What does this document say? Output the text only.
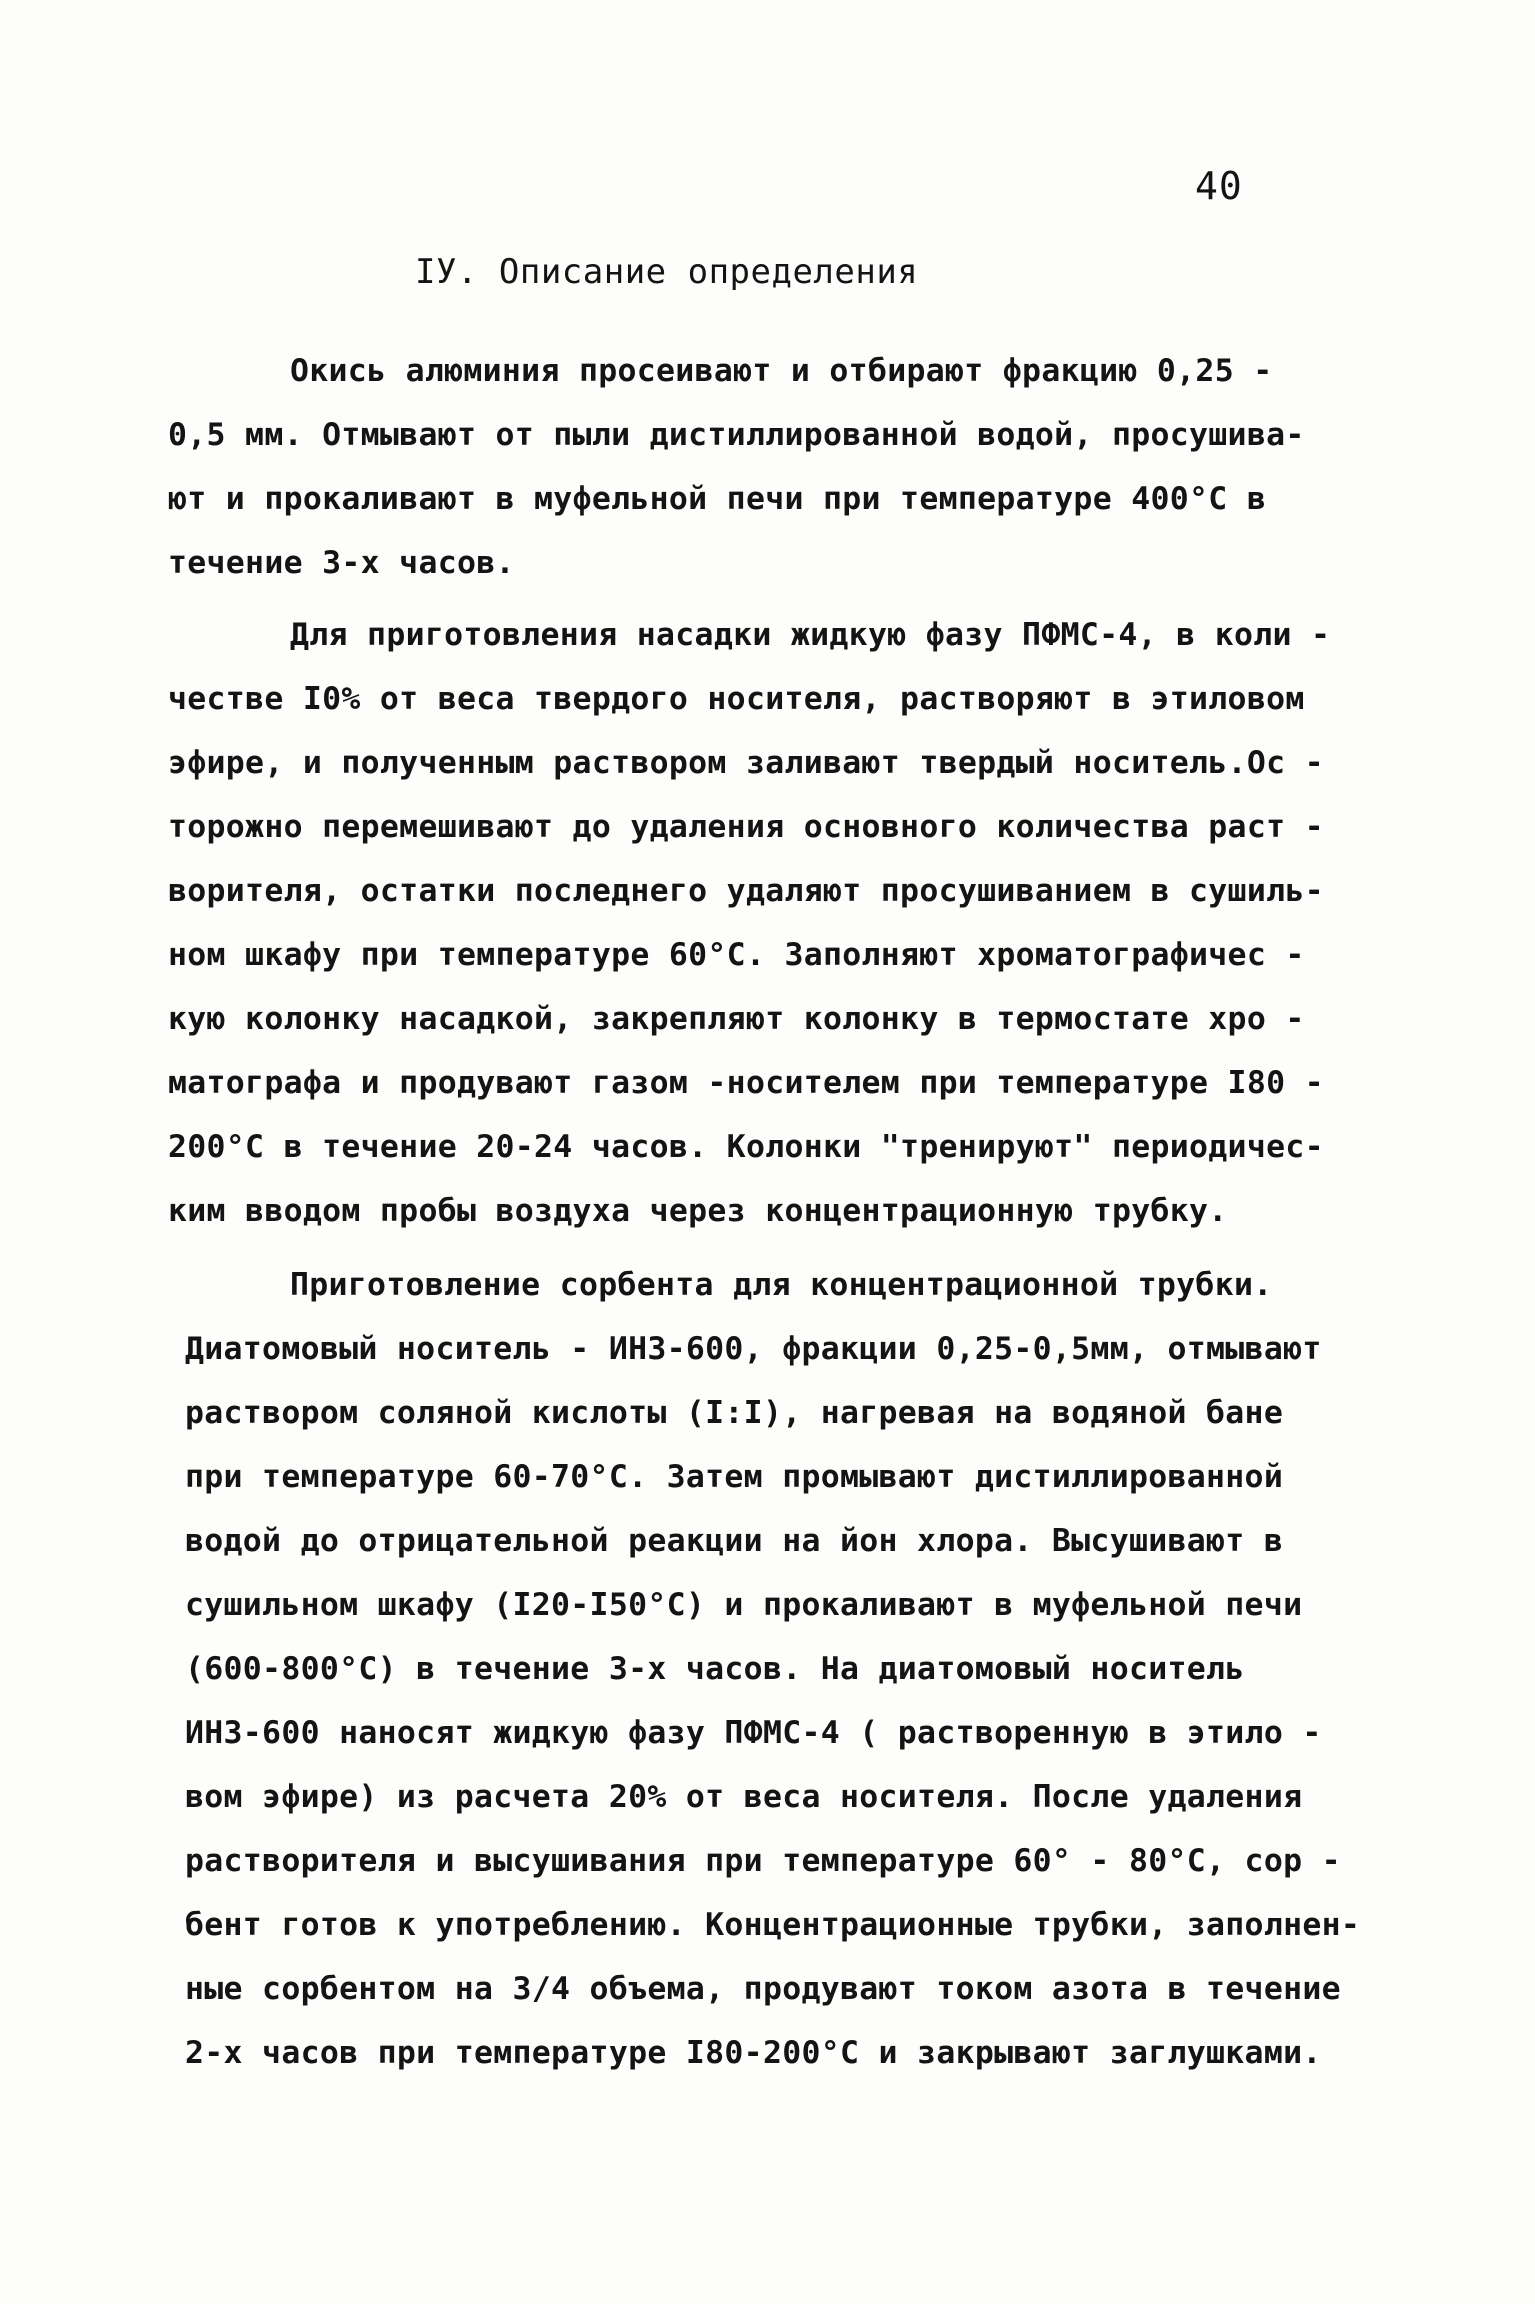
40
IУ. Описание определения
Окись алюминия просеивают и отбирают фракцию 0,25 -
0,5 мм. Отмывают от пыли дистиллированной водой, просушива-
ют и прокаливают в муфельной печи при температуре 400°С в
течение 3-х часов.
Для приготовления насадки жидкую фазу ПФМС-4, в коли -
честве I0% от веса твердого носителя, растворяют в этиловом
эфире, и полученным раствором заливают твердый носитель.Ос -
торожно перемешивают до удаления основного количества раст -
ворителя, остатки последнего удаляют просушиванием в сушиль-
ном шкафу при температуре 60°С. Заполняют хроматографичес -
кую колонку насадкой, закрепляют колонку в термостате хро -
матографа и продувают газом -носителем при температуре I80 -
200°С в течение 20-24 часов. Колонки "тренируют" периодичес-
ким вводом пробы воздуха через концентрационную трубку.
Приготовление сорбента для концентрационной трубки.
Диатомовый носитель - ИНЗ-600, фракции 0,25-0,5мм, отмывают
раствором соляной кислоты (I:I), нагревая на водяной бане
при температуре 60-70°С. Затем промывают дистиллированной
водой до отрицательной реакции на йон хлора. Высушивают в
сушильном шкафу (I20-I50°С) и прокаливают в муфельной печи
(600-800°С) в течение 3-х часов. На диатомовый носитель
ИНЗ-600 наносят жидкую фазу ПФМС-4 ( растворенную в этило -
вом эфире) из расчета 20% от веса носителя. После удаления
растворителя и высушивания при температуре 60° - 80°С, сор -
бент готов к употреблению. Концентрационные трубки, заполнен-
ные сорбентом на 3/4 объема, продувают током азота в течение
2-х часов при температуре I80-200°С и закрывают заглушками.
